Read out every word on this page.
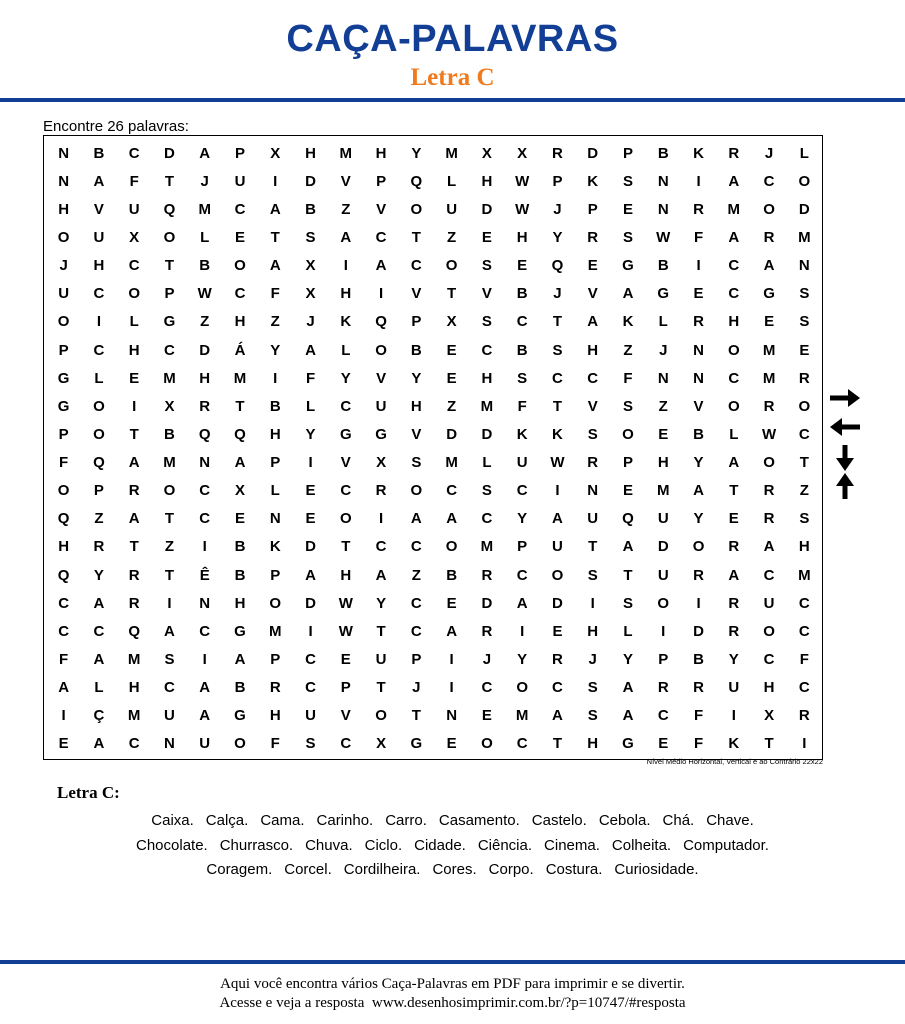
CAÇA-PALAVRAS
Letra C
Encontre 26 palavras:
N	B	C	D	A	P	X	H	M	H	Y	M	X	X	R	D	P	B	K	R	J	L
N	A	F	T	J	U	I	D	V	P	Q	L	H	W	P	K	S	N	I	A	C	O
H	V	U	Q	M	C	A	B	Z	V	O	U	D	W	J	P	E	N	R	M	O	D
O	U	X	O	L	E	T	S	A	C	T	Z	E	H	Y	R	S	W	F	A	R	M
J	H	C	T	B	O	A	X	I	A	C	O	S	E	Q	E	G	B	I	C	A	N
U	C	O	P	W	C	F	X	H	I	V	T	V	B	J	V	A	G	E	C	G	S
O	I	L	G	Z	H	Z	J	K	Q	P	X	S	C	T	A	K	L	R	H	E	S
P	C	H	C	D	Á	Y	A	L	O	B	E	C	B	S	H	Z	J	N	O	M	E
G	L	E	M	H	M	I	F	Y	V	Y	E	H	S	C	C	F	N	N	C	M	R
G	O	I	X	R	T	B	L	C	U	H	Z	M	F	T	V	S	Z	V	O	R	O
P	O	T	B	Q	Q	H	Y	G	G	V	D	D	K	K	S	O	E	B	L	W	C
F	Q	A	M	N	A	P	I	V	X	S	M	L	U	W	R	P	H	Y	A	O	T
O	P	R	O	C	X	L	E	C	R	O	C	S	C	I	N	E	M	A	T	R	Z
Q	Z	A	T	C	E	N	E	O	I	A	A	C	Y	A	U	Q	U	Y	E	R	S
H	R	T	Z	I	B	K	D	T	C	C	O	M	P	U	T	A	D	O	R	A	H
Q	Y	R	T	Ê	B	P	A	H	A	Z	B	R	C	O	S	T	U	R	A	C	M
C	A	R	I	N	H	O	D	W	Y	C	E	D	A	D	I	S	O	I	R	U	C
C	C	Q	A	C	G	M	I	W	T	C	A	R	I	E	H	L	I	D	R	O	C
F	A	M	S	I	A	P	C	E	U	P	I	J	Y	R	J	Y	P	B	Y	C	F
A	L	H	C	A	B	R	C	P	T	J	I	C	O	C	S	A	R	R	U	H	C
I	Ç	M	U	A	G	H	U	V	O	T	N	E	M	A	S	A	C	F	I	X	R
E	A	C	N	U	O	F	S	C	X	G	E	O	C	T	H	G	E	F	K	T	I
Nível Médio Horizontal, Vertical e ao Contrário 22x22
Letra C:
Caixa. Calça. Cama. Carinho. Carro. Casamento. Castelo. Cebola. Chá. Chave.
Chocolate. Churrasco. Chuva. Ciclo. Cidade. Ciência. Cinema. Colheita. Computador.
Coragem. Corcel. Cordilheira. Cores. Corpo. Costura. Curiosidade.
Aqui você encontra vários Caça-Palavras em PDF para imprimir e se divertir.
Acesse e veja a resposta  www.desenhosimprimir.com.br/?p=10747/#resposta
